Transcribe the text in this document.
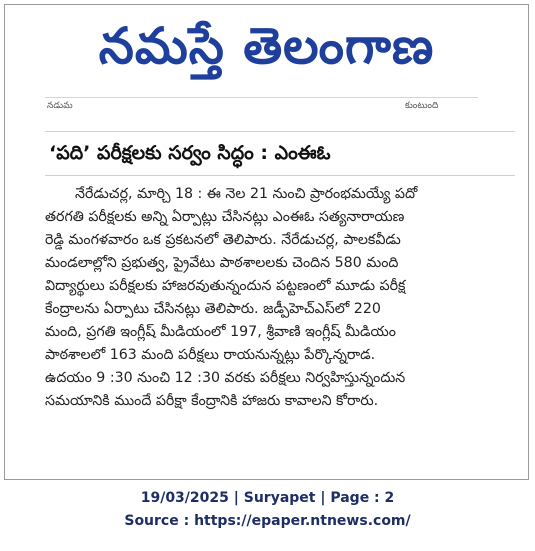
నమస్తే తెలంగాణ
నడుమ	కుంటుంది
‘పది’ పరీక్షలకు సర్వం సిద్ధం : ఎంఈఓ
నేరేడుచర్ల, మార్చి 18 : ఈ నెల 21 నుంచి ప్రారంభమయ్యే పదో
తరగతి పరీక్షలకు అన్ని ఏర్పాట్లు చేసినట్లు ఎంఈఓ సత్యనారాయణ
రెడ్డి మంగళవారం ఒక ప్రకటనలో తెలిపారు. నేరేడుచర్ల, పాలకవీడు
మండలాల్లోని ప్రభుత్వ, ప్రైవేటు పాఠశాలలకు చెందిన 580 మంది
విద్యార్థులు పరీక్షలకు హాజరవుతున్నందున పట్టణంలో మూడు పరీక్ష
కేంద్రాలను ఏర్పాటు చేసినట్లు తెలిపారు. జడ్పీహెచ్ఎస్‌లో 220
మంది, ప్రగతి ఇంగ్లీష్ మీడియంలో 197, శ్రీవాణి ఇంగ్లీష్ మీడియం
పాఠశాలలో 163 మంది పరీక్షలు రాయనున్నట్లు పేర్కొన్నరాడ.
ఉదయం 9 :30 నుంచి 12 :30 వరకు పరీక్షలు నిర్వహిస్తున్నందున
సమయానికి ముందే పరీక్షా కేంద్రానికి హాజరు కావాలని కోరారు.
19/03/2025 | Suryapet | Page : 2
Source : https://epaper.ntnews.com/
